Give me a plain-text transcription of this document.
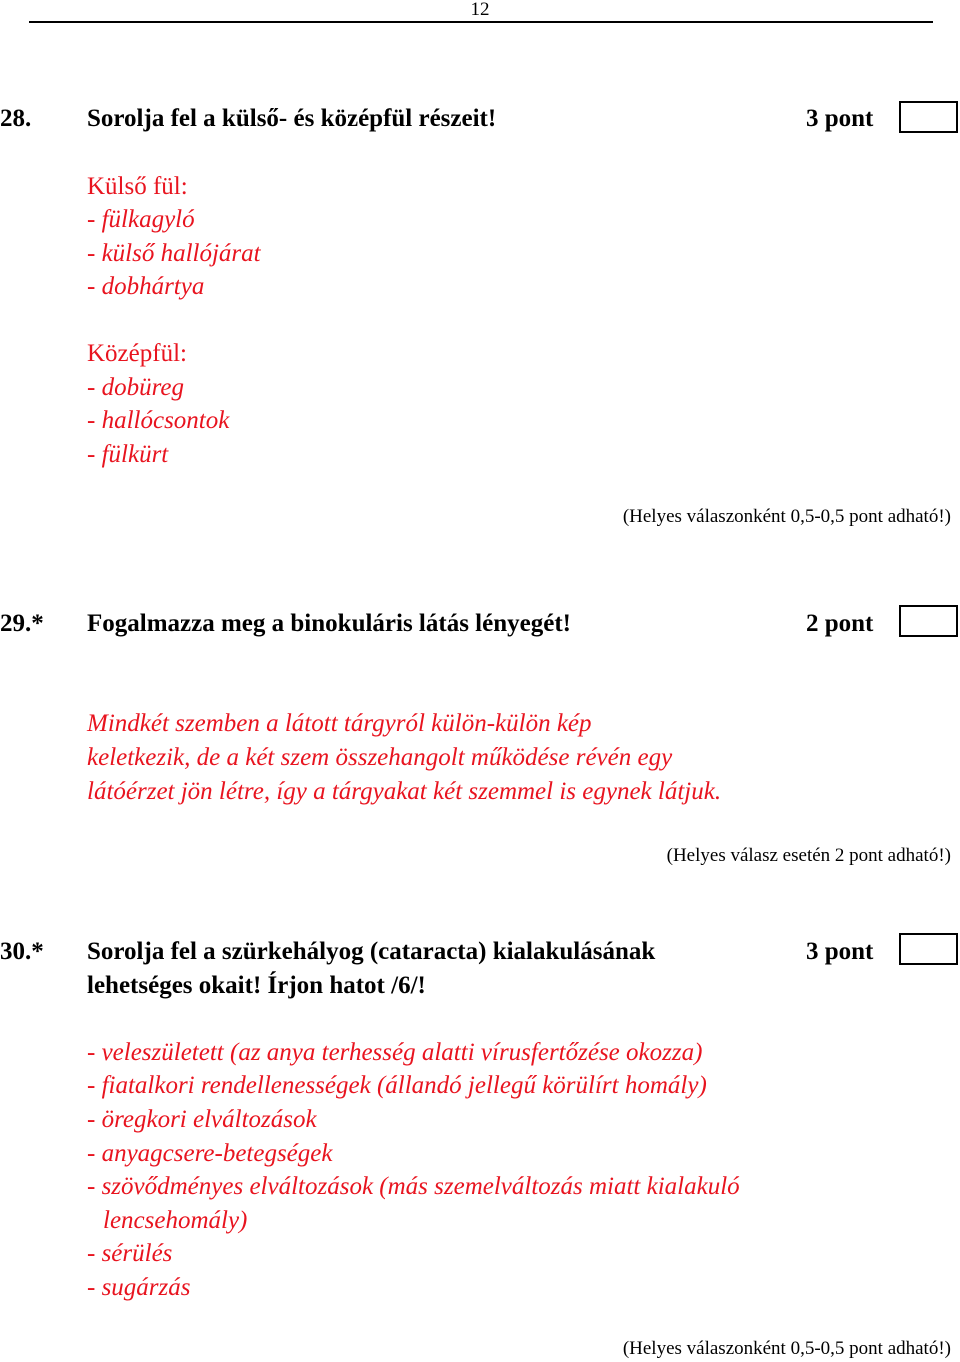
12
28. Sorolja fel a külső- és középfül részeit!	3 pont
Külső fül:
- fülkagyló
- külső hallójárat
- dobhártya
Középfül:
- dobüreg
- hallócsontok
- fülkürt
(Helyes válaszonként 0,5-0,5 pont adható!)
29.* Fogalmazza meg a binokuláris látás lényegét!	2 pont
Mindkét szemben a látott tárgyról külön-külön kép
keletkezik, de a két szem összehangolt működése révén egy
látóérzet jön létre, így a tárgyakat két szemmel is egynek látjuk.
(Helyes válasz esetén 2 pont adható!)
30.* Sorolja fel a szürkehályog (cataracta) kialakulásának
lehetséges okait! Írjon hatot /6/!
3 pont
- veleszületett (az anya terhesség alatti vírusfertőzése okozza)
- fiatalkori rendellenességek (állandó jellegű körülírt homály)
- öregkori elváltozások
- anyagcsere-betegségek
- szövődményes elváltozások (más szemelváltozás miatt kialakuló
lencsehomály)
- sérülés
- sugárzás
(Helyes válaszonként 0,5-0,5 pont adható!)
